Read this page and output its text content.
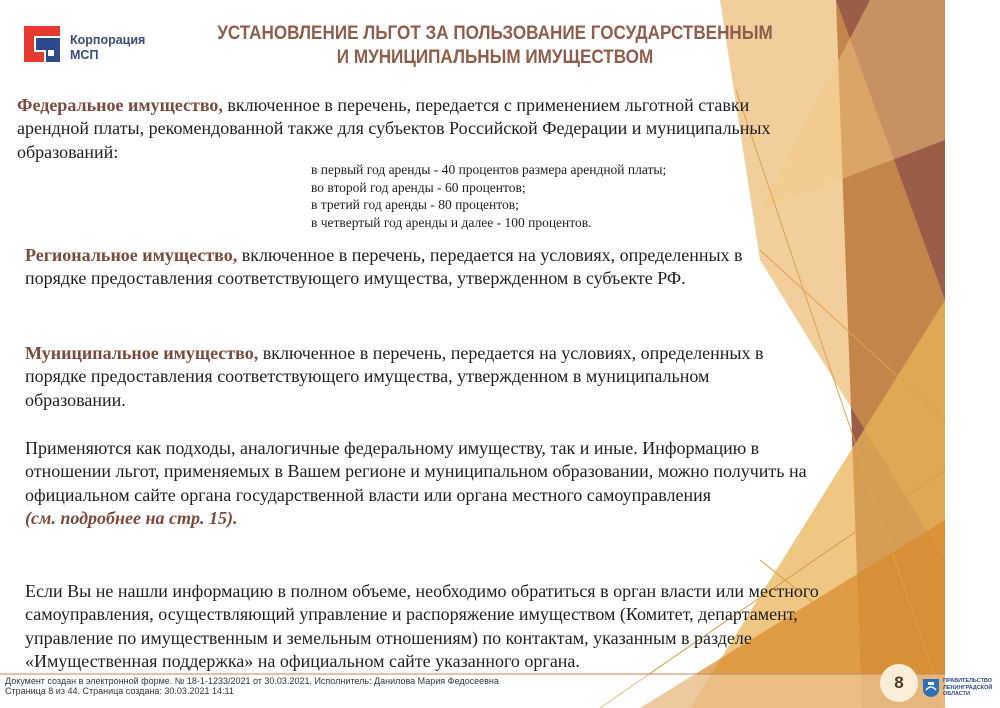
Корпорация
МСП
УСТАНОВЛЕНИЕ ЛЬГОТ ЗА ПОЛЬЗОВАНИЕ ГОСУДАРСТВЕННЫМ
И МУНИЦИПАЛЬНЫМ ИМУЩЕСТВОМ
Федеральное имущество, включенное в перечень, передается с применением льготной ставки арендной платы, рекомендованной также для субъектов Российской Федерации и муниципальных образований:
в первый год аренды - 40 процентов размера арендной платы;
во второй год аренды - 60 процентов;
в третий год аренды - 80 процентов;
в четвертый год аренды и далее - 100 процентов.
Региональное имущество, включенное в перечень, передается на условиях, определенных в порядке предоставления соответствующего имущества, утвержденном в субъекте РФ.
Муниципальное имущество, включенное в перечень, передается на условиях, определенных в порядке предоставления соответствующего имущества, утвержденном в муниципальном образовании.
Применяются как подходы, аналогичные федеральному имуществу, так и иные. Информацию в отношении льгот, применяемых в Вашем регионе и муниципальном образовании, можно получить на официальном сайте органа государственной власти или органа местного самоуправления
(см. подробнее на стр. 15).
Если Вы не нашли информацию в полном объеме, необходимо обратиться в орган власти или местного самоуправления, осуществляющий управление и распоряжение имуществом (Комитет, департамент, управление по имущественным и земельным отношениям) по контактам, указанным в разделе «Имущественная поддержка» на официальном сайте указанного органа.
Документ создан в электронной форме. № 18-1-1233/2021 от 30.03.2021. Исполнитель: Данилова Мария Федосеевна
Страница 8 из 44. Страница создана: 30.03.2021 14:11	8	ПРАВИТЕЛЬСТВО
ЛЕНИНГРАДСКОЙ
ОБЛАСТИ
